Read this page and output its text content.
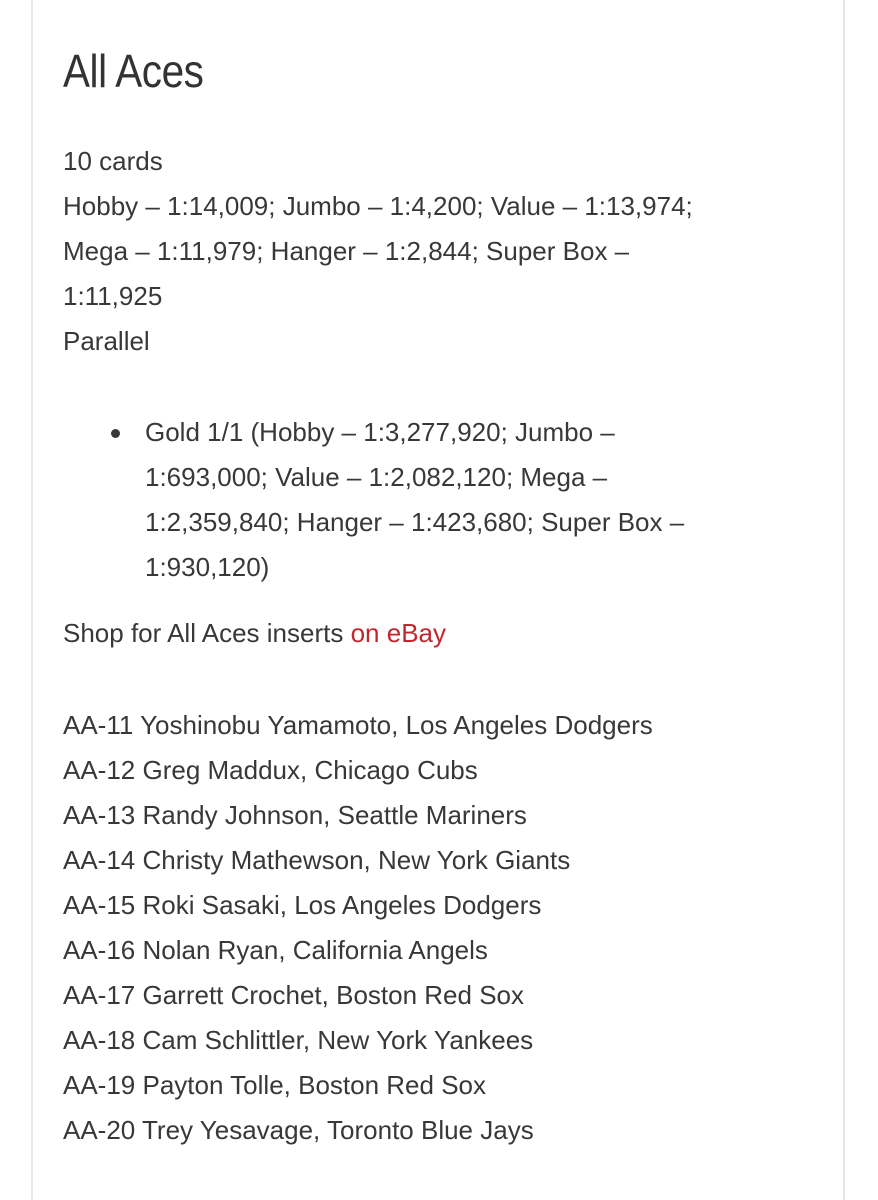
All Aces
10 cards
Hobby – 1:14,009; Jumbo – 1:4,200; Value – 1:13,974;
Mega – 1:11,979; Hanger – 1:2,844; Super Box –
1:11,925
Parallel
Gold 1/1 (Hobby – 1:3,277,920; Jumbo –
1:693,000; Value – 1:2,082,120; Mega –
1:2,359,840; Hanger – 1:423,680; Super Box –
1:930,120)
Shop for All Aces inserts on eBay
AA-11 Yoshinobu Yamamoto, Los Angeles Dodgers
AA-12 Greg Maddux, Chicago Cubs
AA-13 Randy Johnson, Seattle Mariners
AA-14 Christy Mathewson, New York Giants
AA-15 Roki Sasaki, Los Angeles Dodgers
AA-16 Nolan Ryan, California Angels
AA-17 Garrett Crochet, Boston Red Sox
AA-18 Cam Schlittler, New York Yankees
AA-19 Payton Tolle, Boston Red Sox
AA-20 Trey Yesavage, Toronto Blue Jays
